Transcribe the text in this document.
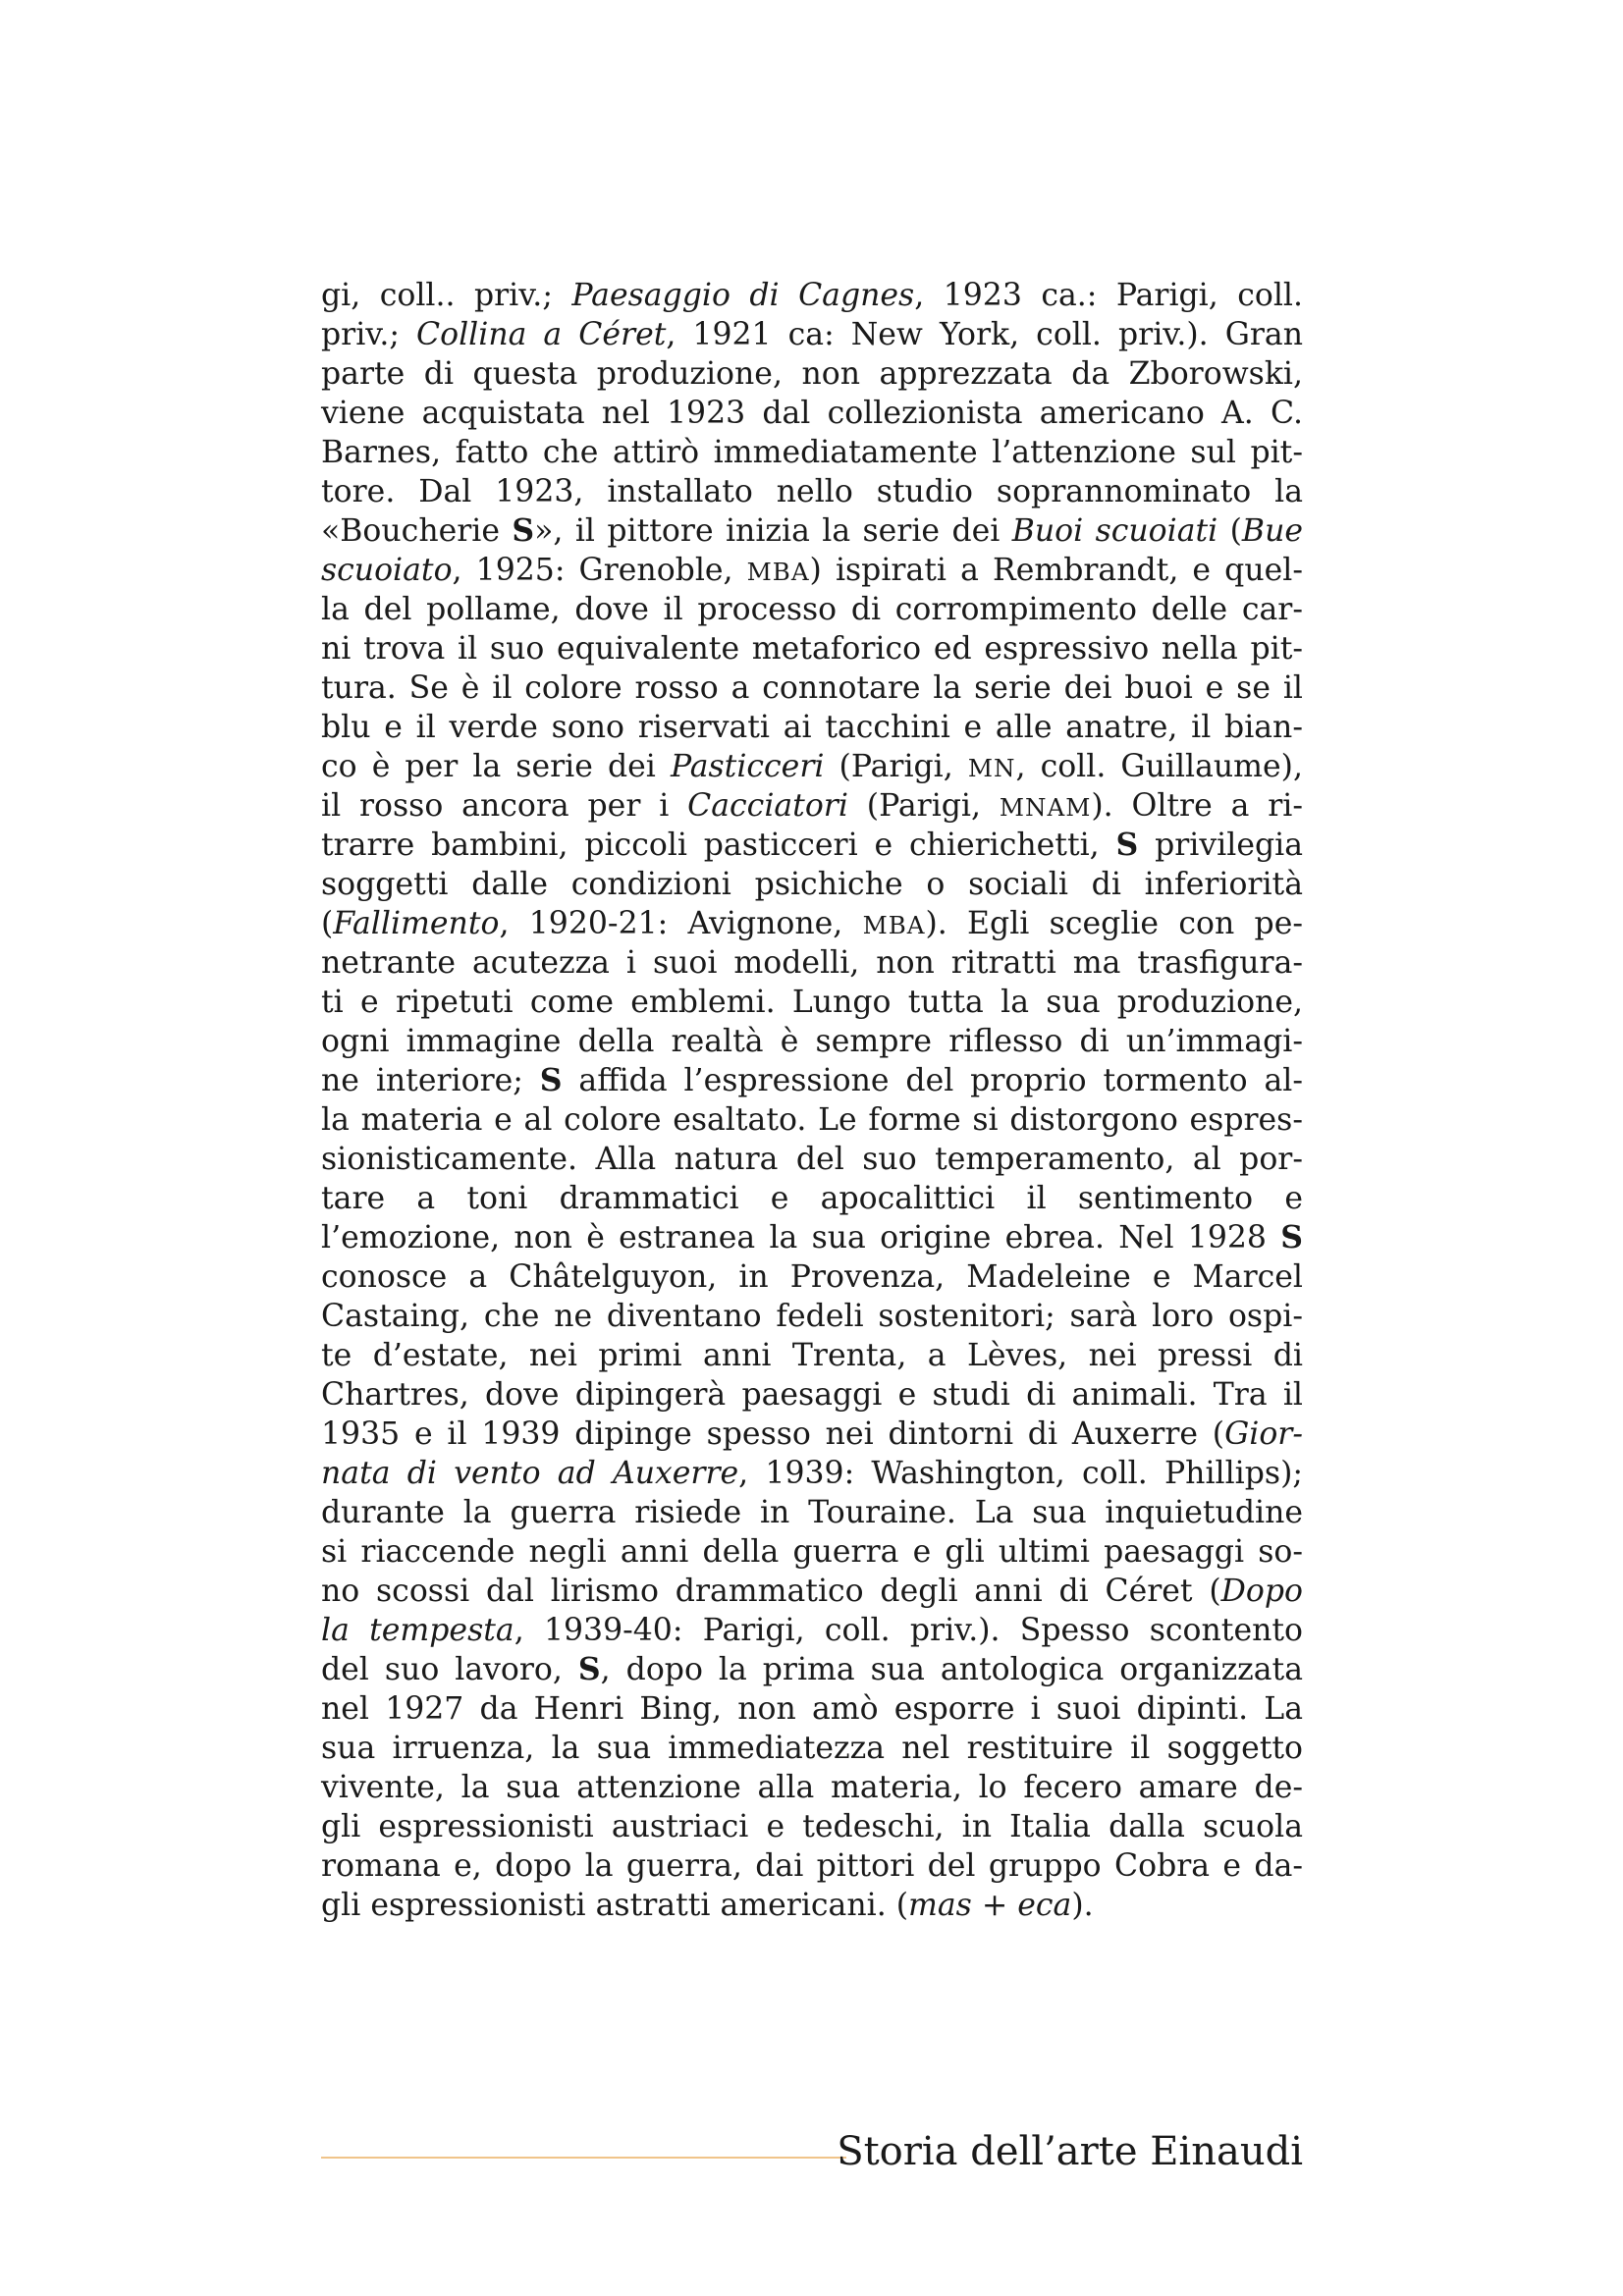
gi, coll.. priv.; Paesaggio di Cagnes, 1923 ca.: Parigi, coll.
priv.; Collina a Céret, 1921 ca: New York, coll. priv.). Gran
parte di questa produzione, non apprezzata da Zborowski,
viene acquistata nel 1923 dal collezionista americano A. C.
Barnes, fatto che attirò immediatamente l’attenzione sul pit-
tore. Dal 1923, installato nello studio soprannominato la
«Boucherie S», il pittore inizia la serie dei Buoi scuoiati (Bue
scuoiato, 1925: Grenoble, MBA) ispirati a Rembrandt, e quel-
la del pollame, dove il processo di corrompimento delle car-
ni trova il suo equivalente metaforico ed espressivo nella pit-
tura. Se è il colore rosso a connotare la serie dei buoi e se il
blu e il verde sono riservati ai tacchini e alle anatre, il bian-
co è per la serie dei Pasticceri (Parigi, MN, coll. Guillaume),
il rosso ancora per i Cacciatori (Parigi, MNAM). Oltre a ri-
trarre bambini, piccoli pasticceri e chierichetti, S privilegia
soggetti dalle condizioni psichiche o sociali di inferiorità
(Fallimento, 1920-21: Avignone, MBA). Egli sceglie con pe-
netrante acutezza i suoi modelli, non ritratti ma trasfigura-
ti e ripetuti come emblemi. Lungo tutta la sua produzione,
ogni immagine della realtà è sempre riflesso di un’immagi-
ne interiore; S affida l’espressione del proprio tormento al-
la materia e al colore esaltato. Le forme si distorgono espres-
sionisticamente. Alla natura del suo temperamento, al por-
tare a toni drammatici e apocalittici il sentimento e
l’emozione, non è estranea la sua origine ebrea. Nel 1928 S
conosce a Châtelguyon, in Provenza, Madeleine e Marcel
Castaing, che ne diventano fedeli sostenitori; sarà loro ospi-
te d’estate, nei primi anni Trenta, a Lèves, nei pressi di
Chartres, dove dipingerà paesaggi e studi di animali. Tra il
1935 e il 1939 dipinge spesso nei dintorni di Auxerre (Gior-
nata di vento ad Auxerre, 1939: Washington, coll. Phillips);
durante la guerra risiede in Touraine. La sua inquietudine
si riaccende negli anni della guerra e gli ultimi paesaggi so-
no scossi dal lirismo drammatico degli anni di Céret (Dopo
la tempesta, 1939-40: Parigi, coll. priv.). Spesso scontento
del suo lavoro, S, dopo la prima sua antologica organizzata
nel 1927 da Henri Bing, non amò esporre i suoi dipinti. La
sua irruenza, la sua immediatezza nel restituire il soggetto
vivente, la sua attenzione alla materia, lo fecero amare de-
gli espressionisti austriaci e tedeschi, in Italia dalla scuola
romana e, dopo la guerra, dai pittori del gruppo Cobra e da-
gli espressionisti astratti americani. (mas + eca).
Storia dell’arte Einaudi
